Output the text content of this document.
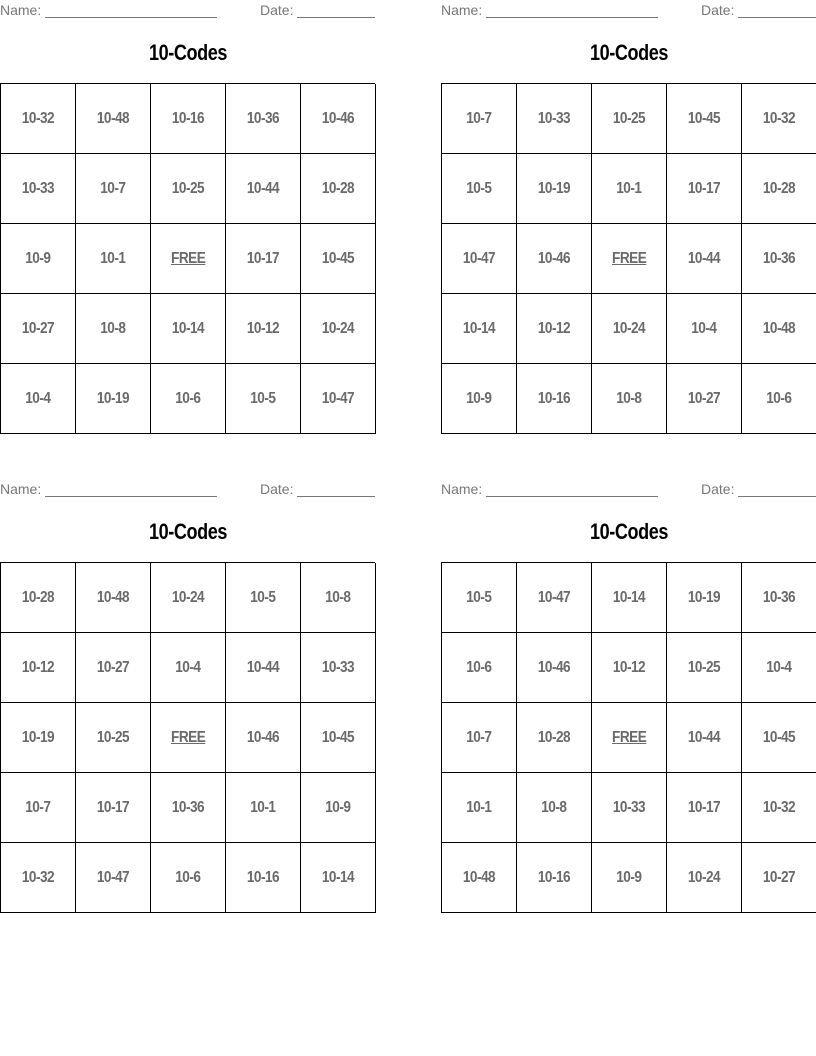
Name:	Date:
10-Codes
10-32	10-48	10-16	10-36	10-46
10-33	10-7	10-25	10-44	10-28
10-9	10-1	FREE	10-17	10-45
10-27	10-8	10-14	10-12	10-24
10-4	10-19	10-6	10-5	10-47
Name:	Date:
10-Codes
10-7	10-33	10-25	10-45	10-32
10-5	10-19	10-1	10-17	10-28
10-47	10-46	FREE	10-44	10-36
10-14	10-12	10-24	10-4	10-48
10-9	10-16	10-8	10-27	10-6
Name:	Date:
10-Codes
10-28	10-48	10-24	10-5	10-8
10-12	10-27	10-4	10-44	10-33
10-19	10-25	FREE	10-46	10-45
10-7	10-17	10-36	10-1	10-9
10-32	10-47	10-6	10-16	10-14
Name:	Date:
10-Codes
10-5	10-47	10-14	10-19	10-36
10-6	10-46	10-12	10-25	10-4
10-7	10-28	FREE	10-44	10-45
10-1	10-8	10-33	10-17	10-32
10-48	10-16	10-9	10-24	10-27
